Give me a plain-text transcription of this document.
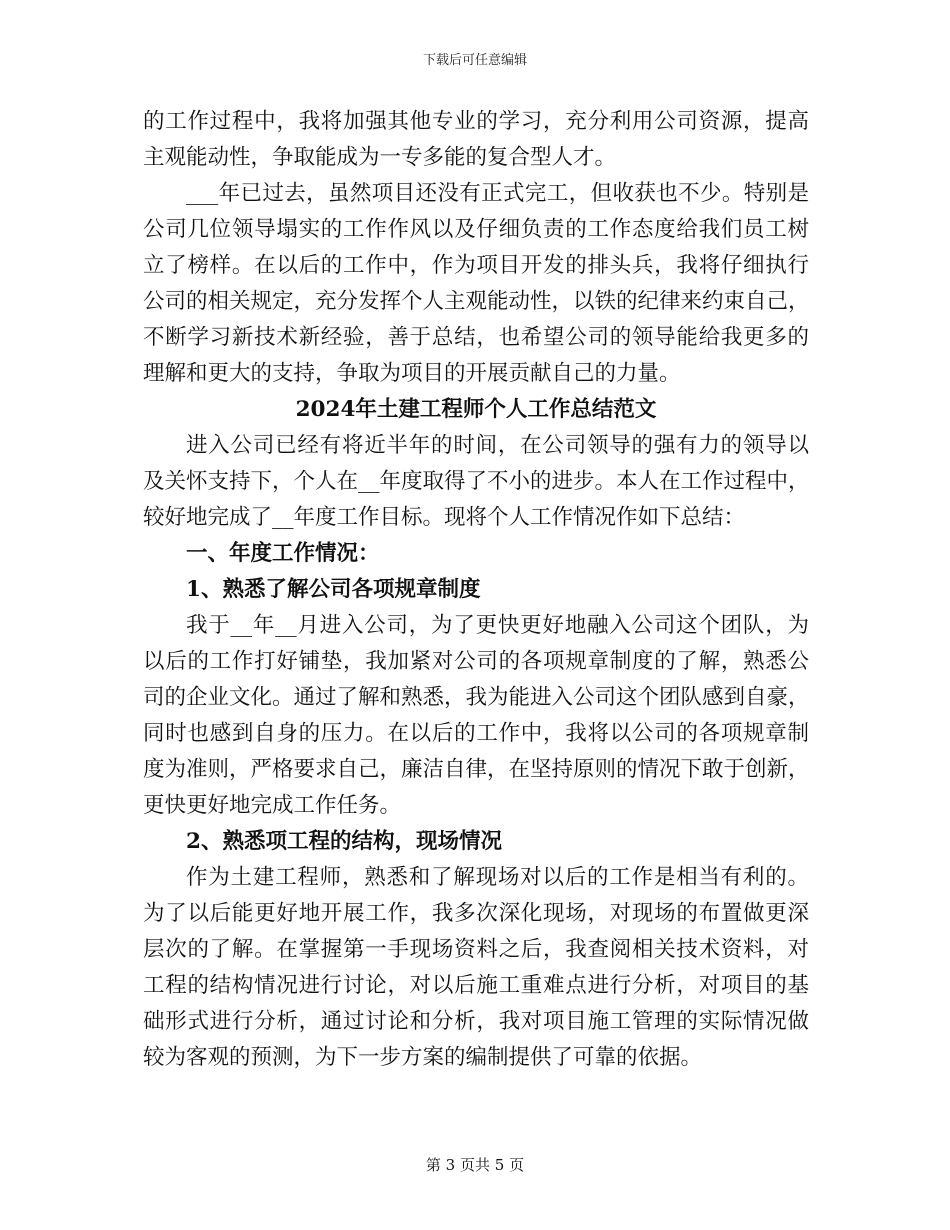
下载后可任意编辑
的工作过程中，我将加强其他专业的学习，充分利用公司资源，提高
主观能动性，争取能成为一专多能的复合型人才。
___年已过去，虽然项目还没有正式完工，但收获也不少。特别是
公司几位领导塌实的工作作风以及仔细负责的工作态度给我们员工树
立了榜样。在以后的工作中，作为项目开发的排头兵，我将仔细执行
公司的相关规定，充分发挥个人主观能动性，以铁的纪律来约束自己，
不断学习新技术新经验，善于总结，也希望公司的领导能给我更多的
理解和更大的支持，争取为项目的开展贡献自己的力量。
2024年土建工程师个人工作总结范文
进入公司已经有将近半年的时间，在公司领导的强有力的领导以
及关怀支持下，个人在__年度取得了不小的进步。本人在工作过程中，
较好地完成了__年度工作目标。现将个人工作情况作如下总结：
一、年度工作情况：
1、熟悉了解公司各项规章制度
我于__年__月进入公司，为了更快更好地融入公司这个团队，为
以后的工作打好铺垫，我加紧对公司的各项规章制度的了解，熟悉公
司的企业文化。通过了解和熟悉，我为能进入公司这个团队感到自豪，
同时也感到自身的压力。在以后的工作中，我将以公司的各项规章制
度为准则，严格要求自己，廉洁自律，在坚持原则的情况下敢于创新，
更快更好地完成工作任务。
2、熟悉项工程的结构，现场情况
作为土建工程师，熟悉和了解现场对以后的工作是相当有利的。
为了以后能更好地开展工作，我多次深化现场，对现场的布置做更深
层次的了解。在掌握第一手现场资料之后，我查阅相关技术资料，对
工程的结构情况进行讨论，对以后施工重难点进行分析，对项目的基
础形式进行分析，通过讨论和分析，我对项目施工管理的实际情况做
较为客观的预测，为下一步方案的编制提供了可靠的依据。
第 3 页共 5 页
